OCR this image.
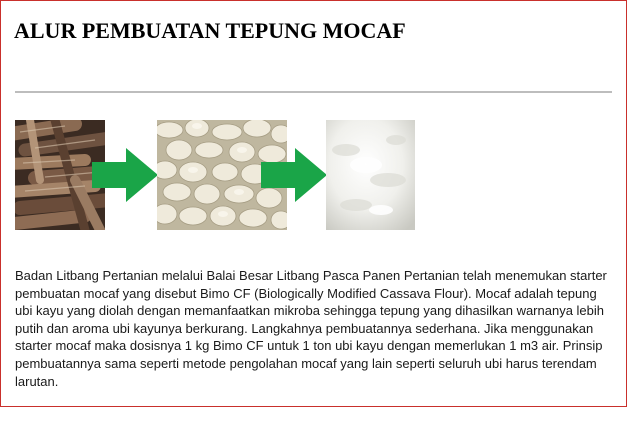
ALUR PEMBUATAN TEPUNG MOCAF

Badan Litbang Pertanian melalui Balai Besar Litbang Pasca Panen Pertanian telah menemukan starter pembuatan mocaf yang disebut Bimo CF (Biologically Modified Cassava Flour). Mocaf adalah tepung ubi kayu yang diolah dengan memanfaatkan mikroba sehingga tepung yang dihasilkan warnanya lebih putih dan aroma ubi kayunya berkurang. Langkahnya pembuatannya sederhana. Jika menggunakan starter mocaf maka dosisnya 1 kg Bimo CF untuk 1 ton ubi kayu dengan memerlukan 1 m3 air. Prinsip pembuatannya sama seperti metode pengolahan mocaf yang lain seperti seluruh ubi harus terendam larutan.
